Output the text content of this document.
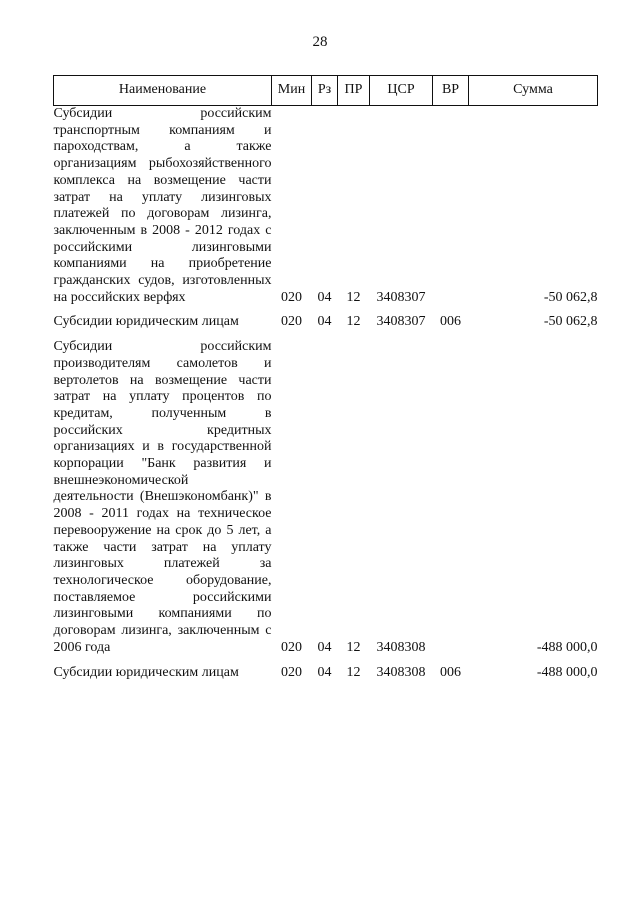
28
Наименование	Мин	Рз	ПР	ЦСР	ВР	Сумма
Субсидии российским транспортным компаниям и пароходствам, а также организациям рыбохозяйственного комплекса на возмещение части затрат на уплату лизинговых платежей по договорам лизинга, заключенным в 2008 - 2012 годах с российскими лизинговыми компаниями на приобретение гражданских судов, изготовленных на российских верфях	020	04	12	3408307		-50 062,8
Субсидии юридическим лицам	020	04	12	3408307	006	-50 062,8
Субсидии российским производителям самолетов и вертолетов на возмещение части затрат на уплату процентов по кредитам, полученным в российских кредитных организациях и в государственной корпорации "Банк развития и внешнеэкономической деятельности (Внешэкономбанк)" в 2008 - 2011 годах на техническое перевооружение на срок до 5 лет, а также части затрат на уплату лизинговых платежей за технологическое оборудование, поставляемое российскими лизинговыми компаниями по договорам лизинга, заключенным с 2006 года	020	04	12	3408308		-488 000,0
Субсидии юридическим лицам	020	04	12	3408308	006	-488 000,0
